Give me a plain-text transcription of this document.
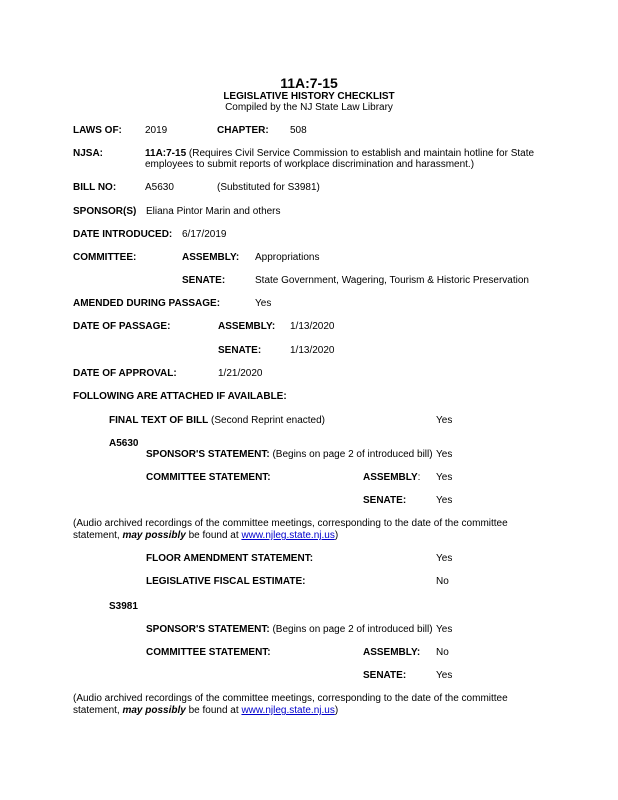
11A:7-15
LEGISLATIVE HISTORY CHECKLIST
Compiled by the NJ State Law Library
LAWS OF: 2019	CHAPTER: 508
NJSA:	11A:7-15 (Requires Civil Service Commission to establish and maintain hotline for State
employees to submit reports of workplace discrimination and harassment.)
BILL NO:	A5630	(Substituted for S3981)
SPONSOR(S) Eliana Pintor Marin and others
DATE INTRODUCED: 6/17/2019
COMMITTEE:	ASSEMBLY: Appropriations
SENATE:	State Government, Wagering, Tourism & Historic Preservation
AMENDED DURING PASSAGE:	Yes
DATE OF PASSAGE:	ASSEMBLY: 1/13/2020
SENATE:	1/13/2020
DATE OF APPROVAL:	1/21/2020
FOLLOWING ARE ATTACHED IF AVAILABLE:
FINAL TEXT OF BILL (Second Reprint enacted)	Yes
A5630
SPONSOR'S STATEMENT: (Begins on page 2 of introduced bill) Yes
COMMITTEE STATEMENT:	ASSEMBLY: Yes
SENATE:	Yes
(Audio archived recordings of the committee meetings, corresponding to the date of the committee
statement, may possibly be found at www.njleg.state.nj.us)
FLOOR AMENDMENT STATEMENT:	Yes
LEGISLATIVE FISCAL ESTIMATE:	No
S3981
SPONSOR'S STATEMENT: (Begins on page 2 of introduced bill) Yes
COMMITTEE STATEMENT:	ASSEMBLY: No
SENATE:	Yes
(Audio archived recordings of the committee meetings, corresponding to the date of the committee
statement, may possibly be found at www.njleg.state.nj.us)
